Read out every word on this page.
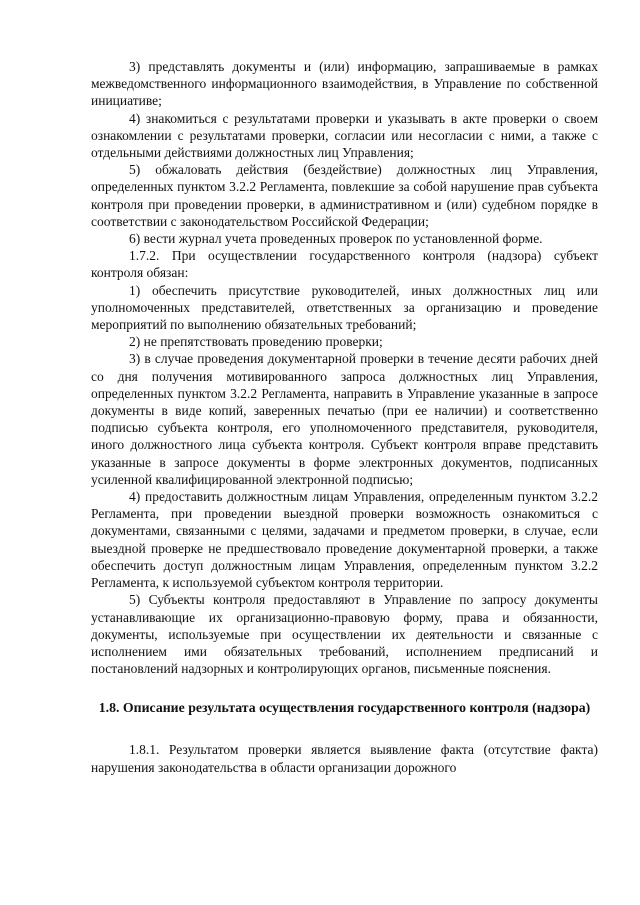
3) представлять документы и (или) информацию, запрашиваемые в рамках межведомственного информационного взаимодействия, в Управление по собственной инициативе;

4) знакомиться с результатами проверки и указывать в акте проверки о своем ознакомлении с результатами проверки, согласии или несогласии с ними, а также с отдельными действиями должностных лиц Управления;

5) обжаловать действия (бездействие) должностных лиц Управления, определенных пунктом 3.2.2 Регламента, повлекшие за собой нарушение прав субъекта контроля при проведении проверки, в административном и (или) судебном порядке в соответствии с законодательством Российской Федерации;

6) вести журнал учета проведенных проверок по установленной форме.

1.7.2. При осуществлении государственного контроля (надзора) субъект контроля обязан:

1) обеспечить присутствие руководителей, иных должностных лиц или уполномоченных представителей, ответственных за организацию и проведение мероприятий по выполнению обязательных требований;

2) не препятствовать проведению проверки;

3) в случае проведения документарной проверки в течение десяти рабочих дней со дня получения мотивированного запроса должностных лиц Управления, определенных пунктом 3.2.2 Регламента, направить в Управление указанные в запросе документы в виде копий, заверенных печатью (при ее наличии) и соответственно подписью субъекта контроля, его уполномоченного представителя, руководителя, иного должностного лица субъекта контроля. Субъект контроля вправе представить указанные в запросе документы в форме электронных документов, подписанных усиленной квалифицированной электронной подписью;

4) предоставить должностным лицам Управления, определенным пунктом 3.2.2 Регламента, при проведении выездной проверки возможность ознакомиться с документами, связанными с целями, задачами и предметом проверки, в случае, если выездной проверке не предшествовало проведение документарной проверки, а также обеспечить доступ должностным лицам Управления, определенным пунктом 3.2.2 Регламента, к используемой субъектом контроля территории.

5) Субъекты контроля предоставляют в Управление по запросу документы устанавливающие их организационно-правовую форму, права и обязанности, документы, используемые при осуществлении их деятельности и связанные с исполнением ими обязательных требований, исполнением предписаний и постановлений надзорных и контролирующих органов, письменные пояснения.

1.8. Описание результата осуществления государственного контроля (надзора)

1.8.1. Результатом проверки является выявление факта (отсутствие факта) нарушения законодательства в области организации дорожного
